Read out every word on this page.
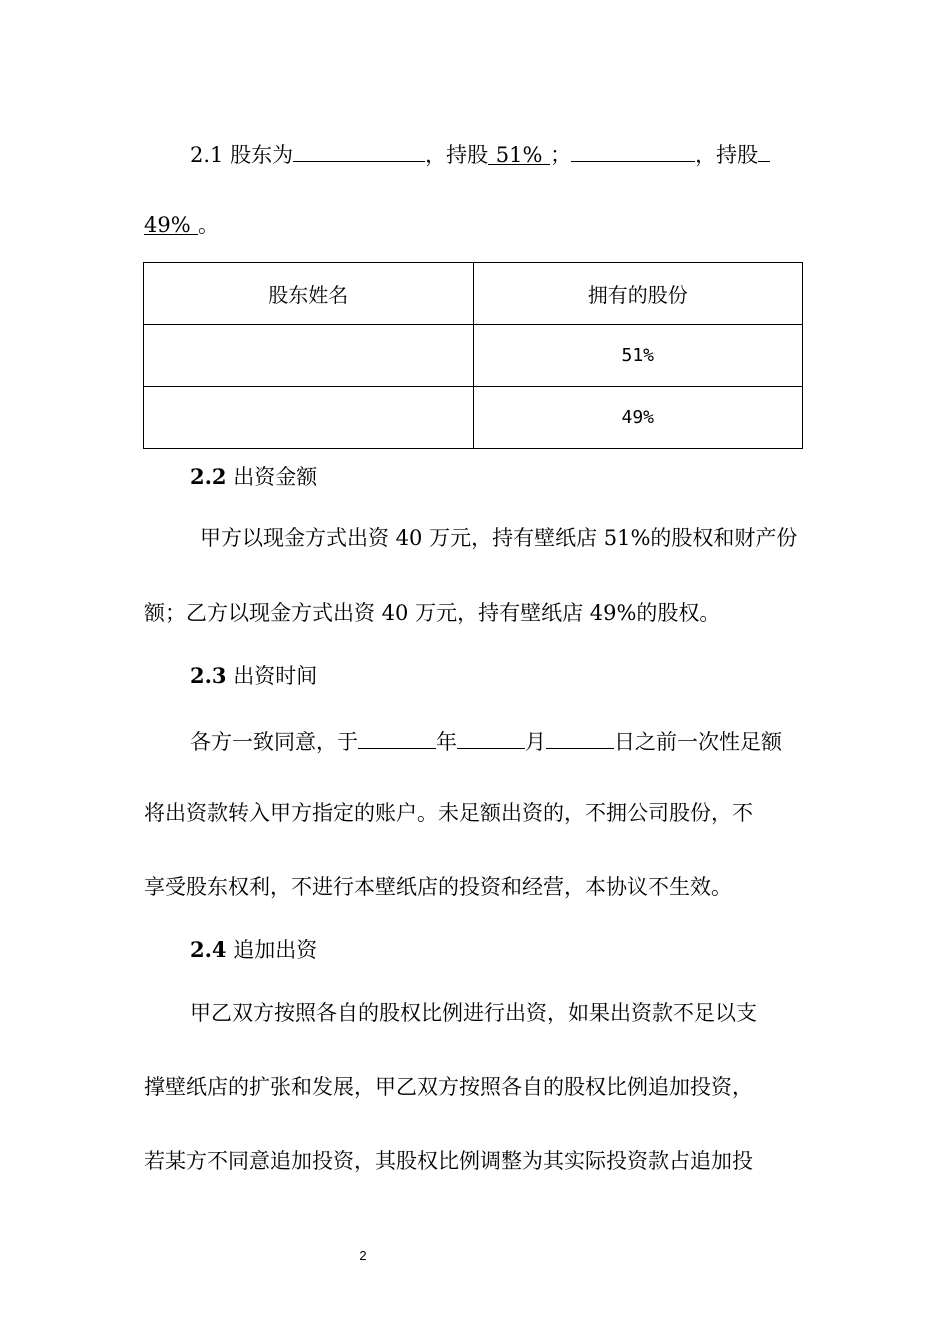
2.1 股东为	，持股 51% ；	，持股
49% 。
股东姓名	拥有的股份
	51%
	49%
2.2 出资金额
甲方以现金方式出资 40 万元，持有壁纸店 51%的股权和财产份
额；乙方以现金方式出资 40 万元，持有壁纸店 49%的股权。
2.3 出资时间
各方一致同意，于	年	月	日之前一次性足额
将出资款转入甲方指定的账户。未足额出资的，不拥公司股份，不
享受股东权利，不进行本壁纸店的投资和经营，本协议不生效。
2.4 追加出资
甲乙双方按照各自的股权比例进行出资，如果出资款不足以支
撑壁纸店的扩张和发展，甲乙双方按照各自的股权比例追加投资，
若某方不同意追加投资，其股权比例调整为其实际投资款占追加投
2
